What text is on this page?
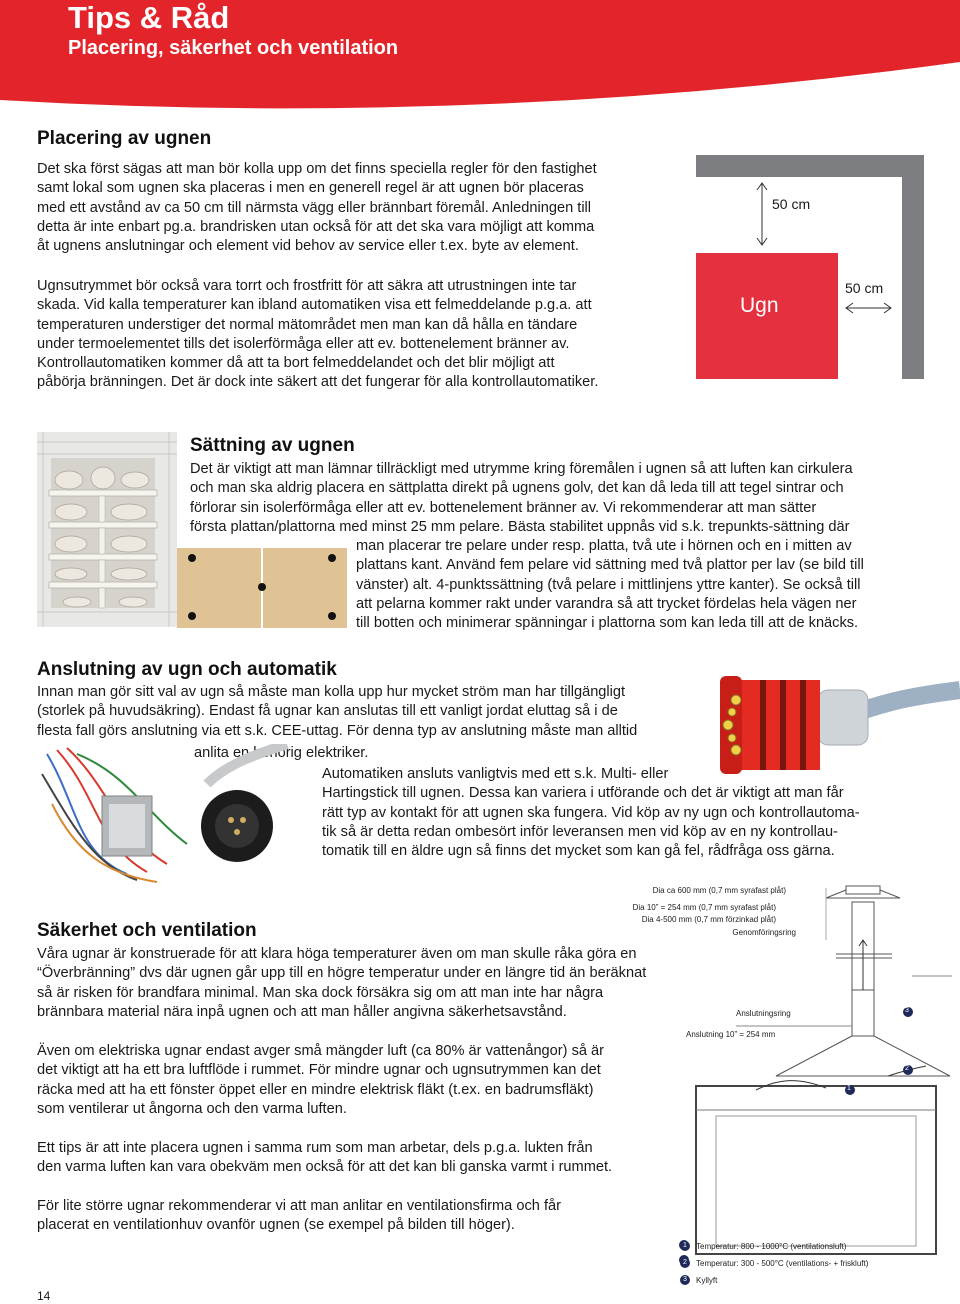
Tips & Råd
Placering, säkerhet och ventilation
Placering av ugnen

Det ska först sägas att man bör kolla upp om det finns speciella regler för den fastighet
samt lokal som ugnen ska placeras i men en generell regel är att ugnen bör placeras
med ett avstånd av ca 50 cm till närmsta vägg eller brännbart föremål. Anledningen till
detta är inte enbart pg.a. brandrisken utan också för att det ska vara möjligt att komma
åt ugnens anslutningar och element vid behov av service eller t.ex. byte av element.

Ugnsutrymmet bör också vara torrt och frostfritt för att säkra att utrustningen inte tar
skada. Vid kalla temperaturer kan ibland automatiken visa ett felmeddelande p.g.a. att
temperaturen understiger det normal mätområdet men man kan då hålla en tändare
under termoelementet tills det isolerförmåga eller att ev. bottenelement bränner av.
Kontrollautomatiken kommer då att ta bort felmeddelandet och det blir möjligt att
påbörja bränningen. Det är dock inte säkert att det fungerar för alla kontrollautomatiker.

50 cm
50 cm
Ugn
Sättning av ugnen

Det är viktigt att man lämnar tillräckligt med utrymme kring föremålen i ugnen så att luften kan cirkulera
och man ska aldrig placera en sättplatta direkt på ugnens golv, det kan då leda till att tegel sintrar och
förlorar sin isolerförmåga eller att ev. bottenelement bränner av. Vi rekommenderar att man sätter
första plattan/plattorna med minst 25 mm pelare. Bästa stabilitet uppnås vid s.k. trepunkts-sättning där

man placerar tre pelare under resp. platta, två ute i hörnen och en i mitten av
plattans kant. Använd fem pelare vid sättning med två plattor per lav (se bild till
vänster) alt. 4-punktssättning (två pelare i mittlinjens yttre kanter). Se också till
att pelarna kommer rakt under varandra så att trycket fördelas hela vägen ner
till botten och minimerar spänningar i plattorna som kan leda till att de knäcks.

Anslutning av ugn och automatik

Innan man gör sitt val av ugn så måste man kolla upp hur mycket ström man har tillgängligt
(storlek på huvudsäkring). Endast få ugnar kan anslutas till ett vanligt jordat eluttag så i de
flesta fall görs anslutning via ett s.k. CEE-uttag. För denna typ av anslutning måste man alltid

anlita en behörig elektriker.

Automatiken ansluts vanligtvis med ett s.k. Multi- eller
Hartingstick till ugnen. Dessa kan variera i utförande och det är viktigt att man får
rätt typ av kontakt för att ugnen ska fungera. Vid köp av ny ugn och kontrollautoma-
tik så är detta redan ombesört inför leveransen men vid köp av en ny kontrollau-
tomatik till en äldre ugn så finns det mycket som kan gå fel, rådfråga oss gärna.

Säkerhet och ventilation

Våra ugnar är konstruerade för att klara höga temperaturer även om man skulle råka göra en
“Överbränning” dvs där ugnen går upp till en högre temperatur under en längre tid än beräknat
så är risken för brandfara minimal. Man ska dock försäkra sig om att man inte har några
brännbara material nära inpå ugnen och att man håller angivna säkerhetsavstånd.

Även om elektriska ugnar endast avger små mängder luft (ca 80% är vattenångor) så är
det viktigt att ha ett bra luftflöde i rummet. För mindre ugnar och ugnsutrymmen kan det
räcka med att ha ett fönster öppet eller en mindre elektrisk fläkt (t.ex. en badrumsfläkt)
som ventilerar ut ångorna och den varma luften.

Ett tips är att inte placera ugnen i samma rum som man arbetar, dels p.g.a. lukten från
den varma luften kan vara obekväm men också för att det kan bli ganska varmt i rummet.

För lite större ugnar rekommenderar vi att man anlitar en ventilationsfirma och får
placerat en ventilationhuv ovanför ugnen (se exempel på bilden till höger).

Dia ca 600 mm (0,7 mm syrafast plåt)
Dia 10” = 254 mm (0,7 mm syrafast plåt)
Dia 4-500 mm (0,7 mm förzinkad plåt)
Genomföringsring
Anslutningsring
Anslutning 10” = 254 mm
1
2
3
1	Temperatur: 800 - 1000°C (ventilationsluft)
2	Temperatur: 300 - 500°C (ventilations- + friskluft)
3	Kyllyft
14
